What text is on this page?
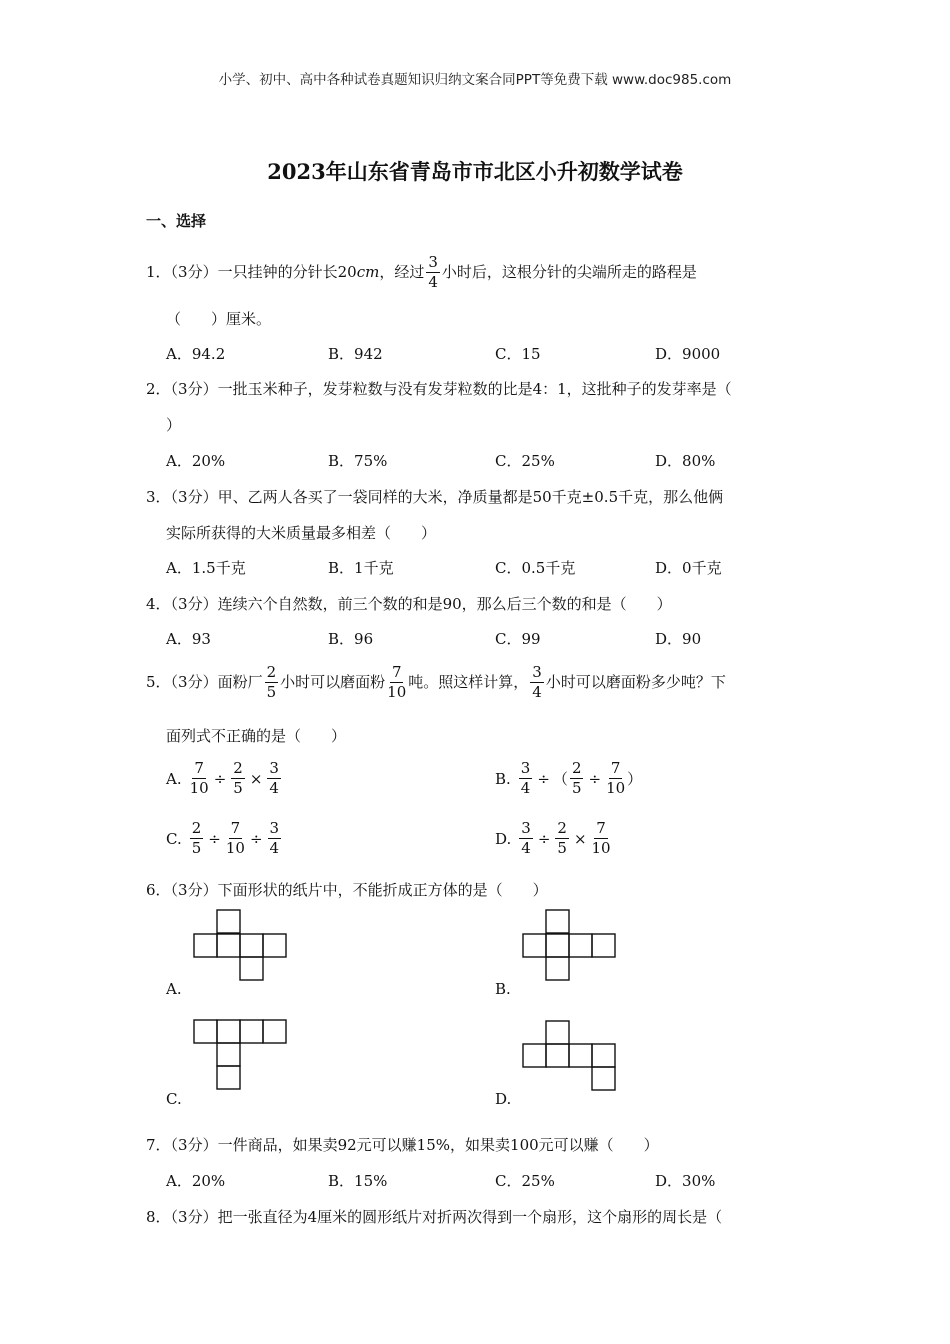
小学、初中、高中各种试卷真题知识归纳文案合同PPT等免费下载 www.doc985.com
2023年山东省青岛市市北区小升初数学试卷
一、选择
1．（3分）一只挂钟的分针长20cm，经过 $\frac{3}{4}$ 小时后，这根分针的尖端所走的路程是
（　　）厘米。
A．94.2	B．942	C．15	D．9000
2．（3分）一批玉米种子，发芽粒数与没有发芽粒数的比是4：1，这批种子的发芽率是（
）
A．20%	B．75%	C．25%	D．80%
3．（3分）甲、乙两人各买了一袋同样的大米，净质量都是50千克±0.5千克，那么他俩
实际所获得的大米质量最多相差（　　）
A．1.5千克	B．1千克	C．0.5千克	D．0千克
4．（3分）连续六个自然数，前三个数的和是90，那么后三个数的和是（　　）
A．93	B．96	C．99	D．90
5．（3分）面粉厂 $\frac{2}{5}$ 小时可以磨面粉 $\frac{7}{10}$ 吨。照这样计算， $\frac{3}{4}$ 小时可以磨面粉多少吨？下
面列式不正确的是（　　）
A. $\frac{7}{10} \div \frac{2}{5} \times \frac{3}{4}$	B. $\frac{3}{4}$ ÷ （ $\frac{2}{5} \div \frac{7}{10}$ ）
C. $\frac{2}{5} \div \frac{7}{10} \div \frac{3}{4}$	D. $\frac{3}{4} \div \frac{2}{5} \times \frac{7}{10}$
6．（3分）下面形状的纸片中，不能折成正方体的是（　　）
A.	B.
C.	D.
7．（3分）一件商品，如果卖92元可以赚15%，如果卖100元可以赚（　　）
A．20%	B．15%	C．25%	D．30%
8．（3分）把一张直径为4厘米的圆形纸片对折两次得到一个扇形，这个扇形的周长是（
